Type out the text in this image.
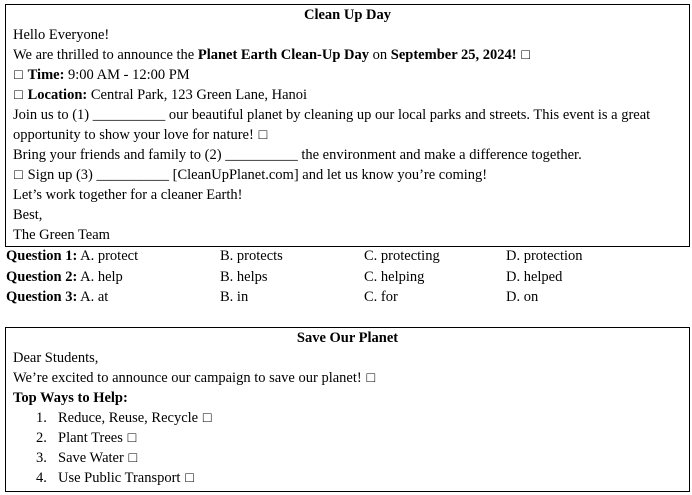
Clean Up Day
Hello Everyone!
We are thrilled to announce the Planet Earth Clean-Up Day on September 25, 2024! □
□ Time: 9:00 AM - 12:00 PM
□ Location: Central Park, 123 Green Lane, Hanoi
Join us to (1) __________ our beautiful planet by cleaning up our local parks and streets. This event is a great opportunity to show your love for nature! □
Bring your friends and family to (2) __________ the environment and make a difference together.
□ Sign up (3) __________ [CleanUpPlanet.com] and let us know you’re coming!
Let’s work together for a cleaner Earth!
Best,
The Green Team
Question 1: A. protect	B. protects	C. protecting	D. protection
Question 2: A. help	B. helps	C. helping	D. helped
Question 3: A. at	B. in	C. for	D. on
Save Our Planet
Dear Students,
We’re excited to announce our campaign to save our planet! □
Top Ways to Help:
1. Reduce, Reuse, Recycle □
2. Plant Trees □
3. Save Water □
4. Use Public Transport □
